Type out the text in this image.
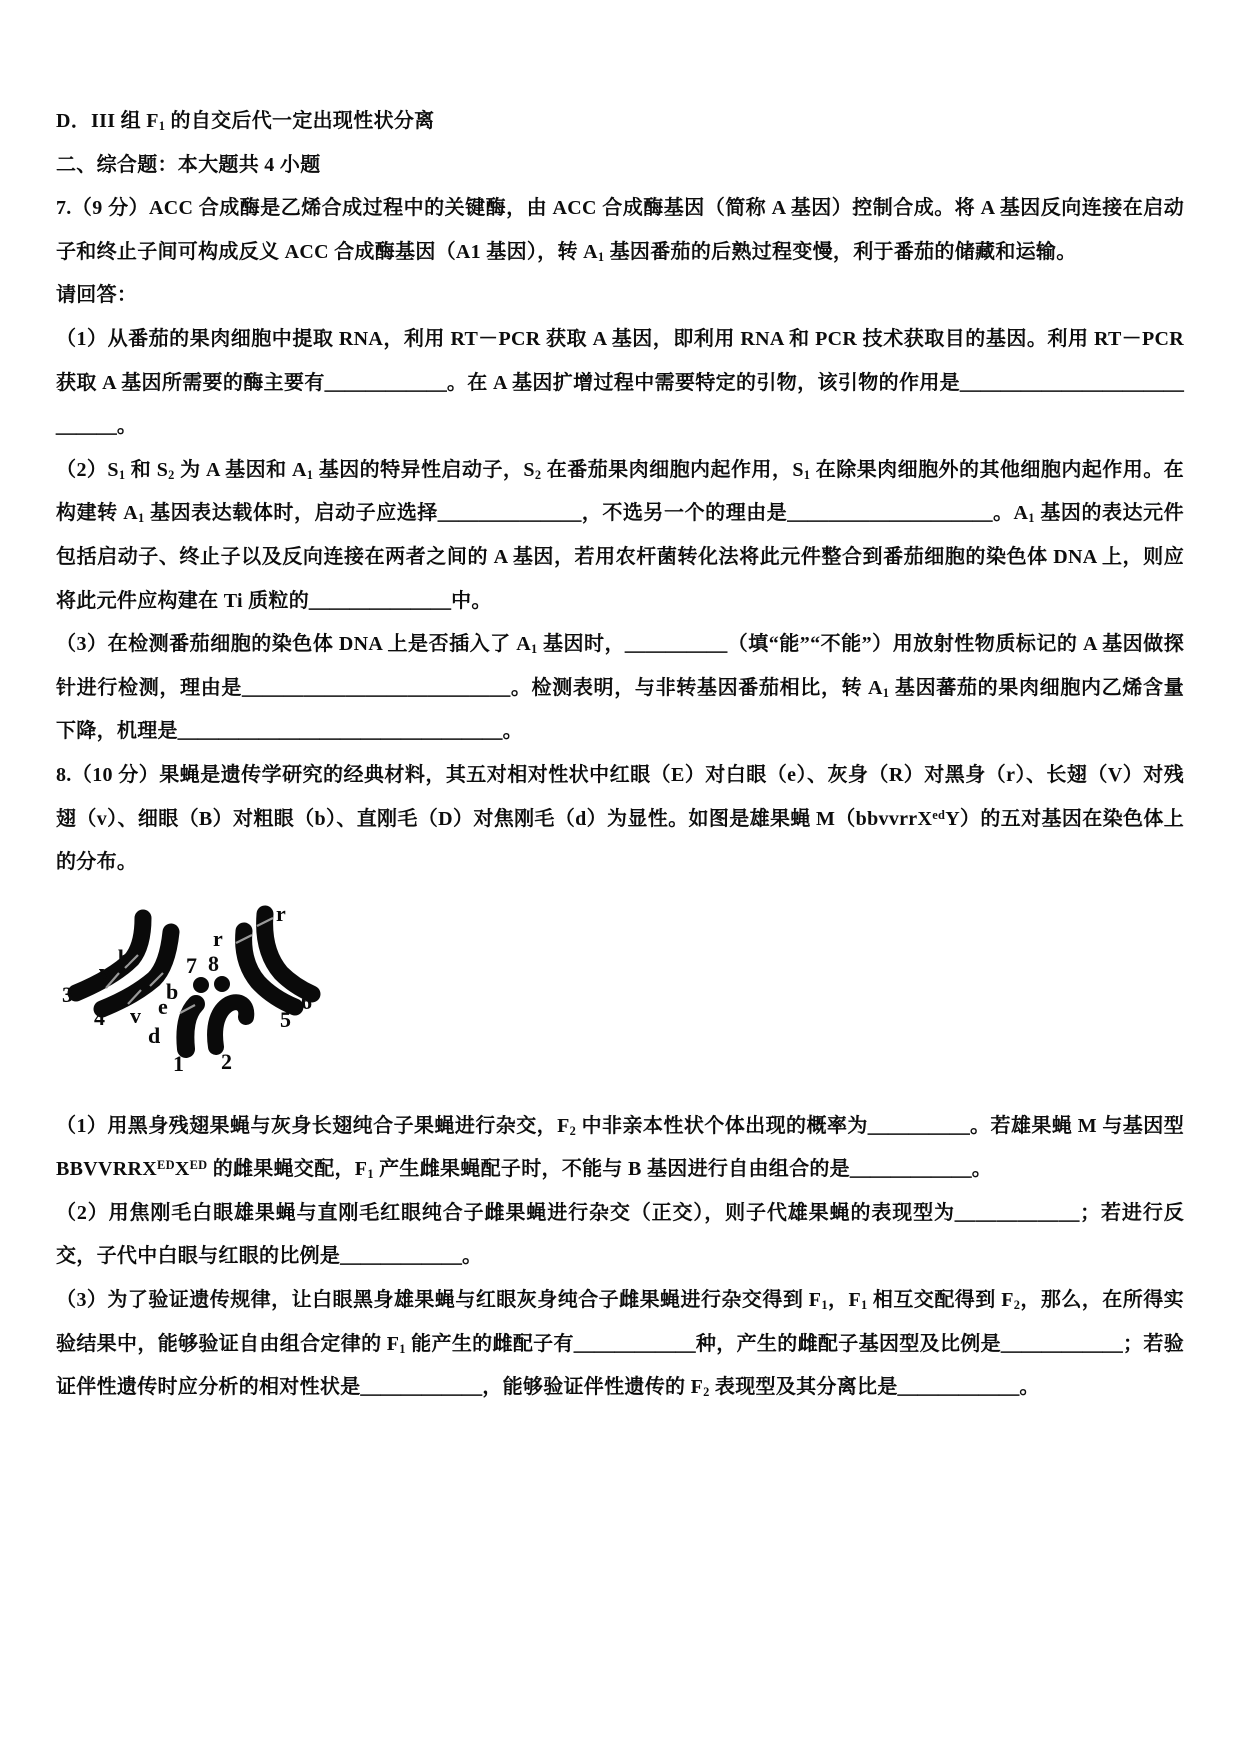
D．III 组 $F_1$ 的自交后代一定出现性状分离

二、综合题：本大题共 4 小题

7.（9 分）ACC 合成酶是乙烯合成过程中的关键酶，由 ACC 合成酶基因（简称 A 基因）控制合成。将 A 基因反向连接在启动子和终止子间可构成反义 ACC 合成酶基因（A1 基因），转 $A_1$ 基因番茄的后熟过程变慢，利于番茄的储藏和运输。

请回答：

（1）从番茄的果肉细胞中提取 RNA，利用 RT－PCR 获取 A 基因，即利用 RNA 和 PCR 技术获取目的基因。利用 RT－PCR 获取 A 基因所需要的酶主要有＿＿＿＿＿＿。在 A 基因扩增过程中需要特定的引物，该引物的作用是＿＿＿＿＿＿＿＿＿＿＿＿＿＿。

$(2)S_1$ 和 $S_2$ 为 A 基因和 $A_1$ 基因的特异性启动子，$S_2$ 在番茄果肉细胞内起作用，$S_1$ 在除果肉细胞外的其他细胞内起作用。在构建转 $A_1$ 基因表达载体时，启动子应选择＿＿＿＿＿＿＿，不选另一个的理由是＿＿＿＿＿＿＿＿＿＿。$A_1$ 基因的表达元件包括启动子、终止子以及反向连接在两者之间的 A 基因，若用农杆菌转化法将此元件整合到番茄细胞的染色体 DNA 上，则应将此元件应构建在 Ti 质粒的＿＿＿＿＿＿＿中。

（3）在检测番茄细胞的染色体 DNA 上是否插入了 $A_1$ 基因时，＿＿＿＿＿（填“能”“不能”）用放射性物质标记的 A 基因做探针进行检测，理由是＿＿＿＿＿＿＿＿＿＿＿＿＿。检测表明，与非转基因番茄相比，转 $A_1$ 基因蕃茄的果肉细胞内乙烯含量下降，机理是＿＿＿＿＿＿＿＿＿＿＿＿＿＿＿＿。

8.（10 分）果蝇是遗传学研究的经典材料，其五对相对性状中红眼（E）对白眼（e）、灰身（R）对黑身（r）、长翅（V）对残翅（v）、细眼（B）对粗眼（b）、直刚毛（D）对焦刚毛（d）为显性。如图是雄果蝇 M（bbvvrrX$^{ed}$Y）的五对基因在染色体上的分布。

3
4
v
b
v
b
7 8
r
r
6
5
e
d
1 2

（1）用黑身残翅果蝇与灰身长翅纯合子果蝇进行杂交，$F_2$ 中非亲本性状个体出现的概率为＿＿＿＿＿。若雄果蝇 M 与基因型 $BBVVRRX^{ED}X^{ED}$ 的雌果蝇交配，$F_1$ 产生雌果蝇配子时，不能与 B 基因进行自由组合的是＿＿＿＿＿＿。

（2）用焦刚毛白眼雄果蝇与直刚毛红眼纯合子雌果蝇进行杂交（正交），则子代雄果蝇的表现型为＿＿＿＿＿＿；若进行反交，子代中白眼与红眼的比例是＿＿＿＿＿＿。

（3）为了验证遗传规律，让白眼黑身雄果蝇与红眼灰身纯合子雌果蝇进行杂交得到 $F_1$，$F_1$ 相互交配得到 $F_2$，那么，在所得实验结果中，能够验证自由组合定律的 $F_1$ 能产生的雌配子有＿＿＿＿＿＿种，产生的雌配子基因型及比例是＿＿＿＿＿＿；若验证伴性遗传时应分析的相对性状是＿＿＿＿＿＿，能够验证伴性遗传的 $F_2$ 表现型及其分离比是＿＿＿＿＿＿。
